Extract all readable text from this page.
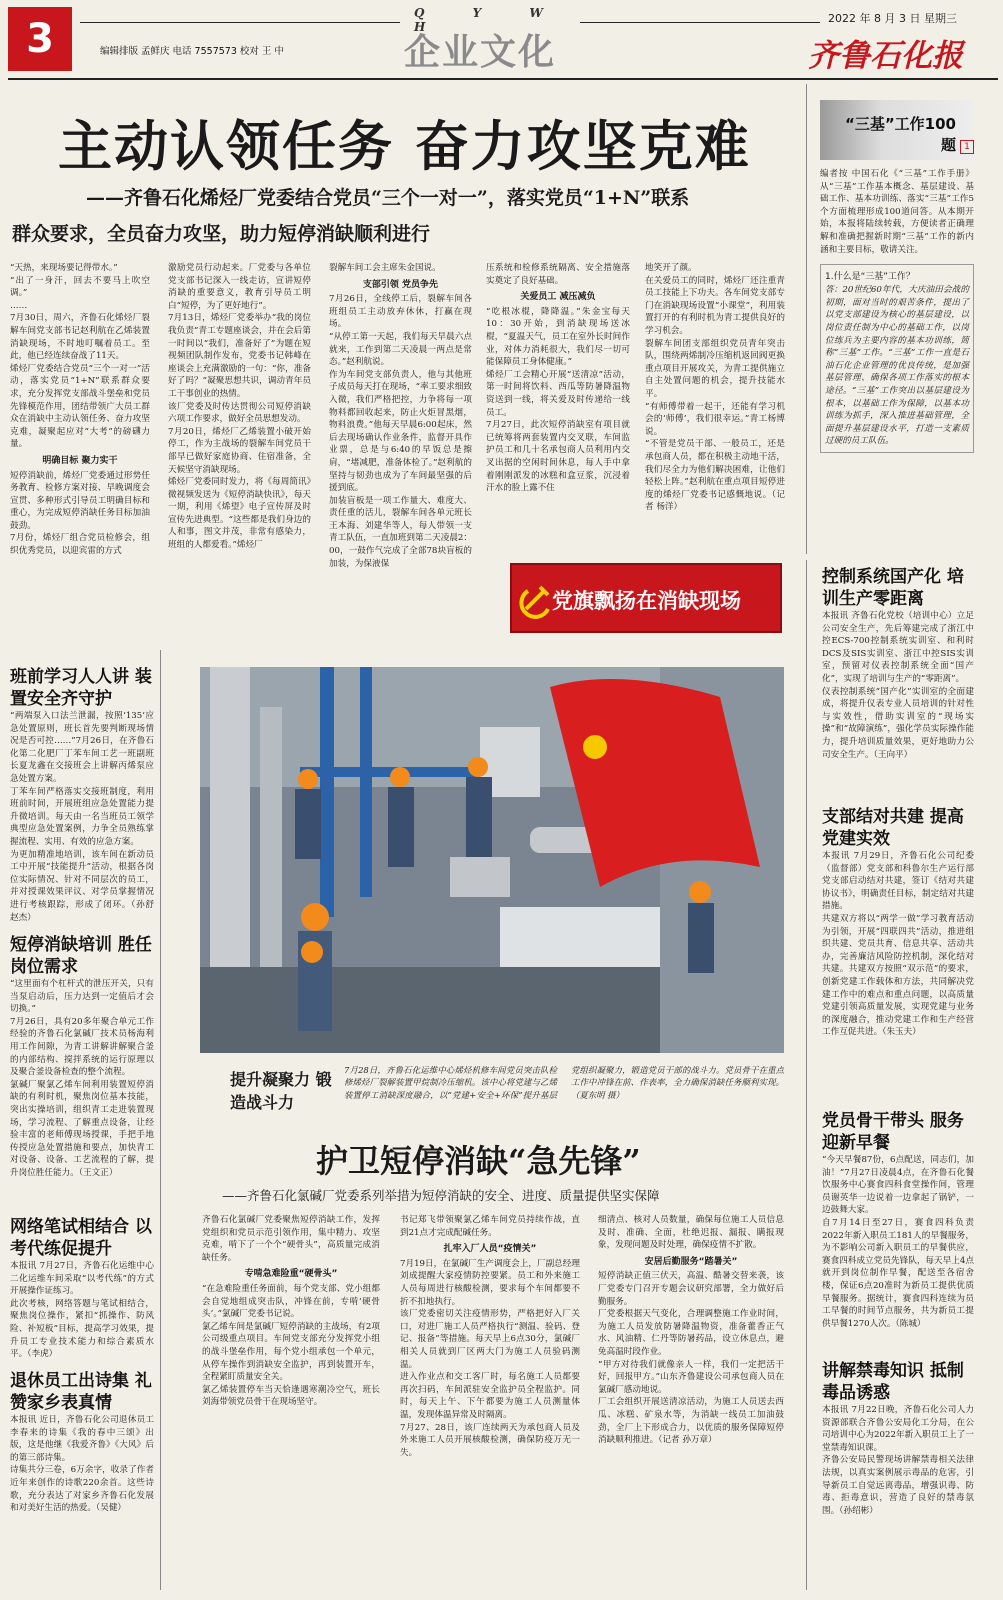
3	编辑排版 孟鲜庆 电话 7557573 校对 王 中
Q Y W H
企业文化
2022 年 8 月 3 日 星期三
齐鲁石化报
主动认领任务 奋力攻坚克难
——齐鲁石化烯烃厂党委结合党员“三个一对一”，落实党员“1+N”联系
群众要求，全员奋力攻坚，助力短停消缺顺利进行
“天热，来现场要记得带水。”
“出了一身汗，回去不要马上吹空调。”
……
7月30日，周六，齐鲁石化烯烃厂裂解车间党支部书记赵利航在乙烯装置消缺现场，不时地叮嘱着员工。至此，他已经连续奋战了11天。
烯烃厂党委结合党员“三个一对一”活动，落实党员“1+N”联系群众要求，充分发挥党支部战斗堡垒和党员先锋模范作用，团结带领广大员工群众在消缺中主动认领任务、奋力攻坚克难，凝聚起应对“大考”的磅礴力量。
明确目标 聚力实干
短停消缺前，烯烃厂党委通过形势任务教育、检修方案对接、早晚调度会宣贯、多种形式引导员工明确目标和重心，为完成短停消缺任务目标加油鼓劲。
7月份，烯烃厂组合党员检修会，组织优秀党员，以迎宾雷的方式
激励党员行动起来。厂党委与各单位党支部书记深入一线走访，宣讲短停消缺的重要意义，教育引导员工明白“短停，为了更好地行”。
7月13日，烯烃厂党委举办“我的岗位我负责”青工专题座谈会，并在会后第一时间以“我们，准备好了”为题在短视频团队制作发布，党委书记韩峰在座谈会上充满激励的一句：“你，准备好了吗？”凝聚思想共识，调动青年员工干事创业的热情。
该厂党委及时传达贯彻公司短停消缺六项工作要求，做好全员思想发动。
7月20日，烯烃厂乙烯装置小破开始停工，作为主战场的裂解车间党员干部早已做好家庭协商、住宿准备，全天候坚守消缺现场。
烯烃厂党委同时发力，将《每周简讯》微视频发送为《短停消缺快讯》，每天一期，利用《烯望》电子宣传屏及时宣传先进典型。“这些都是我们身边的人和事，图文并茂，非常有感染力，班组的人都爱看。”烯烃厂
裂解车间工会主席朱金国说。
支部引领 党员争先
7月26日，全线停工后，裂解车间各班组员工主动放弃休休，打赢在现场。
“从停工第一天起，我们每天早晨六点就来，工作到第二天凌晨一两点是常态。”赵利航说。
作为车间党支部负责人，他与其他班子成员每天打在现场，“率工要求细致入微，我们严格把控，力争将每一项物料都回收起来，防止火炬冒黑烟，物料浪费。”他每天早晨6:00起床，然后去现场确认作业条件，监督开具作业票，总是与6:40的早饭总是擦肩，“堵减肥，准备体检了。”赵利航的坚持与韧劲也成为了车间最坚强的后援到底。
加装盲板是一项工作量大、难度大、责任重的活儿，裂解车间各单元班长王本海、刘建华等人，每人带领一支青工队伍，一直加班到第二天凌晨2：00，一鼓作气完成了全部78块盲板的加装，为保液保
压系统和检修系统隔离、安全措施落实奠定了良好基础。
关爱员工 减压减负
“吃根冰棍，降降温。”朱金宝每天10：30开始，到消缺现场送冰棍，“夏温天气，员工在室外长时间作业，对体力消耗很大，我们尽一切可能保障员工身体健康。”
烯烃厂工会精心开展“送清凉”活动，第一时间将饮料、西瓜等防暑降温物资送到一线，将关爱及时传递给一线员工。
7月27日，此次短停消缺室有项目就已统筹将两套装置内交叉联，车间监护员工和几十名承包商人员利用内交叉出据的空闲时间休息，每人手中拿着刚刚派发的冰糕和盒豆浆，沉浸着汗水的脸上露不住
地笑开了颜。
在关爱员工的同时，烯烃厂还注重青员工技能上下功夫。各车间党支部专门在消缺现场设置“小课堂”，利用装置打开的有利时机为青工提供良好的学习机会。
裂解车间团支部组织党员青年突击队，围绕两烯制冷压缩机返回阀更换重点项目开展攻关，为青工提供施立自主处置问题的机会，提升技能水平。
“有师傅带着一起干，还能有学习机会的‘师傅’，我们很幸运。”青工杨博说。
“不管是党员干部、一般员工，还是承包商人员，都在积极主动地干活，我们尽全力为他们解决困难，让他们轻松上阵。”赵利航在重点项目短停进度的烯烃厂党委书记感慨地说。（记者 杨洋）
“三基”工作100题 1
编者按 中国石化《“三基”工作手册》从“三基”工作基本概念、基层建设、基础工作、基本功训练、落实“三基”工作5个方面梳理形成100道问答。从本期开始，本报将陆续转载，方便读者正确理解和准确把握新时期“三基”工作的新内涵和主要目标，敬请关注。
1.什么是“三基”工作？
答：20世纪60年代，大庆油田会战的初期，面对当时的艰苦条件，提出了以党支部建设为核心的基层建设，以岗位责任制为中心的基础工作，以岗位练兵为主要内容的基本功训练，简称“三基”工作。“三基”工作一直是石油石化企业管理的优良传统，是加强基层管理、确保各项工作落实的根本途径。“三基”工作突出以基层建设为根本，以基础工作为保障，以基本功训练为抓手，深入推进基础管理，全面提升基层建设水平，打造一支素质过硬的员工队伍。
党旗飘扬在消缺现场
班前学习人人讲 装置安全齐守护
“两端泵入口法兰泄漏，按照‘135’应急处置原则，班长首先要判断现场情况是否可控……”7月26日，在齐鲁石化第二化肥厂丁苯车间工艺一班副班长夏龙鑫在交接班会上讲解丙烯泵应急处置方案。
丁苯车间严格落实交接班制度，利用班前时间，开展班组应急处置能力提升微培训。每天由一名当班员工领学典型应急处置案例，力争全员熟练掌握流程、实用、有效的应急方案。
为更加精准地培训，该车间在新动员工中开展“技能提升”活动，根据各岗位实际情况、针对不同层次的员工，并对授课效果评议、对学员掌握情况进行考核跟踪，形成了闭环。（孙舒 赵杰）
短停消缺培训 胜任岗位需求
“这里面有个杠杆式的泄压开关，只有当泵启动后，压力达到一定值后才会切换。”
7月26日，具有20多年聚合单元工作经验的齐鲁石化氯碱厂技术员杨海利用工作间隙，为青工讲解讲解聚合釜的内部结构、搅拌系统的运行原理以及聚合釜设备检查的整个流程。
氯碱厂聚氯乙烯车间利用装置短停消缺的有利时机，聚焦岗位基本技能，突出实操培训，组织青工走进装置现场，学习流程、了解重点设备，让经验丰富的老师傅现场授课，手把手地传授应急处置措施和要点，加快青工对设备、设备、工艺流程的了解，提升岗位胜任能力。（王文正）
网络笔试相结合 以考代练促提升
本报讯 7月27日，齐鲁石化运维中心二化运维车间采取“以考代练”的方式开展操作证练习。
此次考核，网络答题与笔试相结合，聚焦岗位操作，紧扣“抓操作、防风险、补短板”目标，提高学习效果，提升员工专业技术能力和综合素质水平。（李虎）
退休员工出诗集 礼赞家乡表真情
本报讯 近日，齐鲁石化公司退休员工李春来的诗集《我的春中三颂》出版，这是他继《我爱齐鲁》《大风》后的第三部诗集。
诗集共分三卷，6万余字，收录了作者近年来创作的诗歌220余首。这些诗歌，充分表达了对家乡齐鲁石化发展和对美好生活的热爱。（吴健）
提升凝聚力 锻造战斗力
7月28日，齐鲁石化运维中心烯烃机修车间党员突击队检修烯烃厂裂解装置甲烷制冷压缩机。该中心将党建与乙烯装置停工消缺深度融合，以“党建+安全+环保”提升基层党组织凝聚力，锻造党员干部的战斗力。党员骨干在重点工作中冲锋在前、作表率，全力确保消缺任务顺利实现。（夏东明 摄）
护卫短停消缺“急先锋”
——齐鲁石化氯碱厂党委系列举措为短停消缺的安全、进度、质量提供坚实保障
齐鲁石化氯碱厂党委聚焦短停消缺工作，发挥党组织和党员示范引领作用，集中精力、攻坚克难，啃下了一个个“硬骨头”，高质量完成消缺任务。
专啃急难险重“硬骨头”
“在急难险重任务面前，每个党支部、党小组都会自觉地组成突击队，冲锋在前，专啃‘硬骨头’。”氯碱厂党委书记说。
氯乙烯车间是氯碱厂短停消缺的主战场，有2项公司级重点项目。车间党支部充分发挥党小组的战斗堡垒作用，每个党小组承包一个单元，从停车操作到消缺安全监护，再到装置开车，全程紧盯质量安全关。
氯乙烯装置停车当天恰逢遇寒潮冷空气，班长刘海带领党员骨干在现场坚守。
书记郑飞带领聚氯乙烯车间党员持续作战，直到21点才完成配碱任务。
扎牢入厂人员“疫情关”
7月19日，在氯碱厂生产调度会上，厂副总经理刘成提醒大家疫情防控要紧。员工和外来施工人员每周进行核酸检测，要求每个车间都要不折不扣地执行。
该厂党委密切关注疫情形势，严格把好入厂关口，对进厂施工人员严格执行“测温、验码、登记、报备”等措施。每天早上6点30分，氯碱厂相关人员就到厂区两大门为施工人员验码测温。
进入作业点和交工客厂时，每名施工人员都要再次扫码，车间派驻安全监护员全程监护。同时，每天上午、下午都要为施工人员测量体温，发现体温异常及时隔离。
7月27、28日，该厂连续两天为承包商人员及外来施工人员开展核酸检测，确保防疫万无一失。
细清点、核对人员数量，确保每位施工人员信息及时、准确、全面，杜绝迟报、漏报、瞒报现象，发现问题及时处理，确保疫情不扩散。
安居后勤服务“踏暑关”
短停消缺正值三伏天，高温、酷暑交替来袭，该厂党委专门召开专题会议研究部署，全力做好后勤服务。
厂党委根据天气变化，合理调整施工作业时间，为施工人员发放防暑降温物资，准备藿香正气水、风油精、仁丹等防暑药品，设立休息点，避免高温时段作业。
“甲方对待我们就像亲人一样，我们一定把活干好，回报甲方。”山东齐鲁建设公司承包商人员在氯碱厂感动地说。
厂工会组织开展送清凉活动，为施工人员送去西瓜、冰糕、矿泉水等，为消缺一线员工加油鼓劲，全厂上下形成合力，以优质的服务保障短停消缺顺利推进。（记者 孙万章）
控制系统国产化 培训生产零距离
本报讯 齐鲁石化党校（培训中心）立足公司安全生产，先后筹建完成了浙江中控ECS-700控制系统实训室、和利时DCS及SIS实训室、浙江中控SIS实训室，预留对仪表控制系统全面“国产化”，实现了培训与生产的“零距离”。
仪表控制系统“国产化”实训室的全面建成，将提升仪表专业人员培训的针对性与实效性，借助实训室的“现场实操”和“故障演练”，强化学员实际操作能力，提升培训质量效果，更好地助力公司安全生产。（王向平）
支部结对共建 提高党建实效
本报讯 7月29日，齐鲁石化公司纪委（监督部）党支部和科鲁尔生产运行部党支部启动结对共建，签订《结对共建协议书》，明确责任目标，制定结对共建措施。
共建双方将以“两学一做”学习教育活动为引领，开展“四联四共”活动，推进组织共建、党员共育、信息共享、活动共办，完善廉洁风险防控机制，深化结对共建。共建双方按照“双示范”的要求，创新党建工作载体和方法，共同解决党建工作中的难点和重点问题，以高质量党建引领高质量发展，实现党建与业务的深度融合，推动党建工作和生产经营工作互促共进。（朱玉夫）
党员骨干带头 服务迎新早餐
“今天早餐87份，6点配送，同志们，加油！”7月27日凌晨4点，在齐鲁石化餐饮服务中心赛食四科食堂操作间，管理员谢英华一边说着一边拿起了锅铲，一边鼓舞大家。
自7月14日至27日，赛食四科负责2022年新入职员工181人的早餐服务，为不影响公司新入职员工的早餐供应，赛食四科成立党员先锋队，每天早上4点就开到岗位制作早餐，配送至各宿舍楼，保证6点20准时为新员工提供优质早餐服务。据统计，赛食四科连续为员工早餐的时间节点服务，共为新员工提供早餐1270人次。（陈城）
讲解禁毒知识 抵制毒品诱惑
本报讯 7月22日晚，齐鲁石化公司人力资源部联合齐鲁公安局化工分局，在公司培训中心为2022年新入职员工上了一堂禁毒知识课。
齐鲁公安局民警现场讲解禁毒相关法律法规，以真实案例展示毒品的危害，引导新员工自觉远离毒品，增强识毒、防毒、拒毒意识，营造了良好的禁毒氛围。（孙绍彬）
